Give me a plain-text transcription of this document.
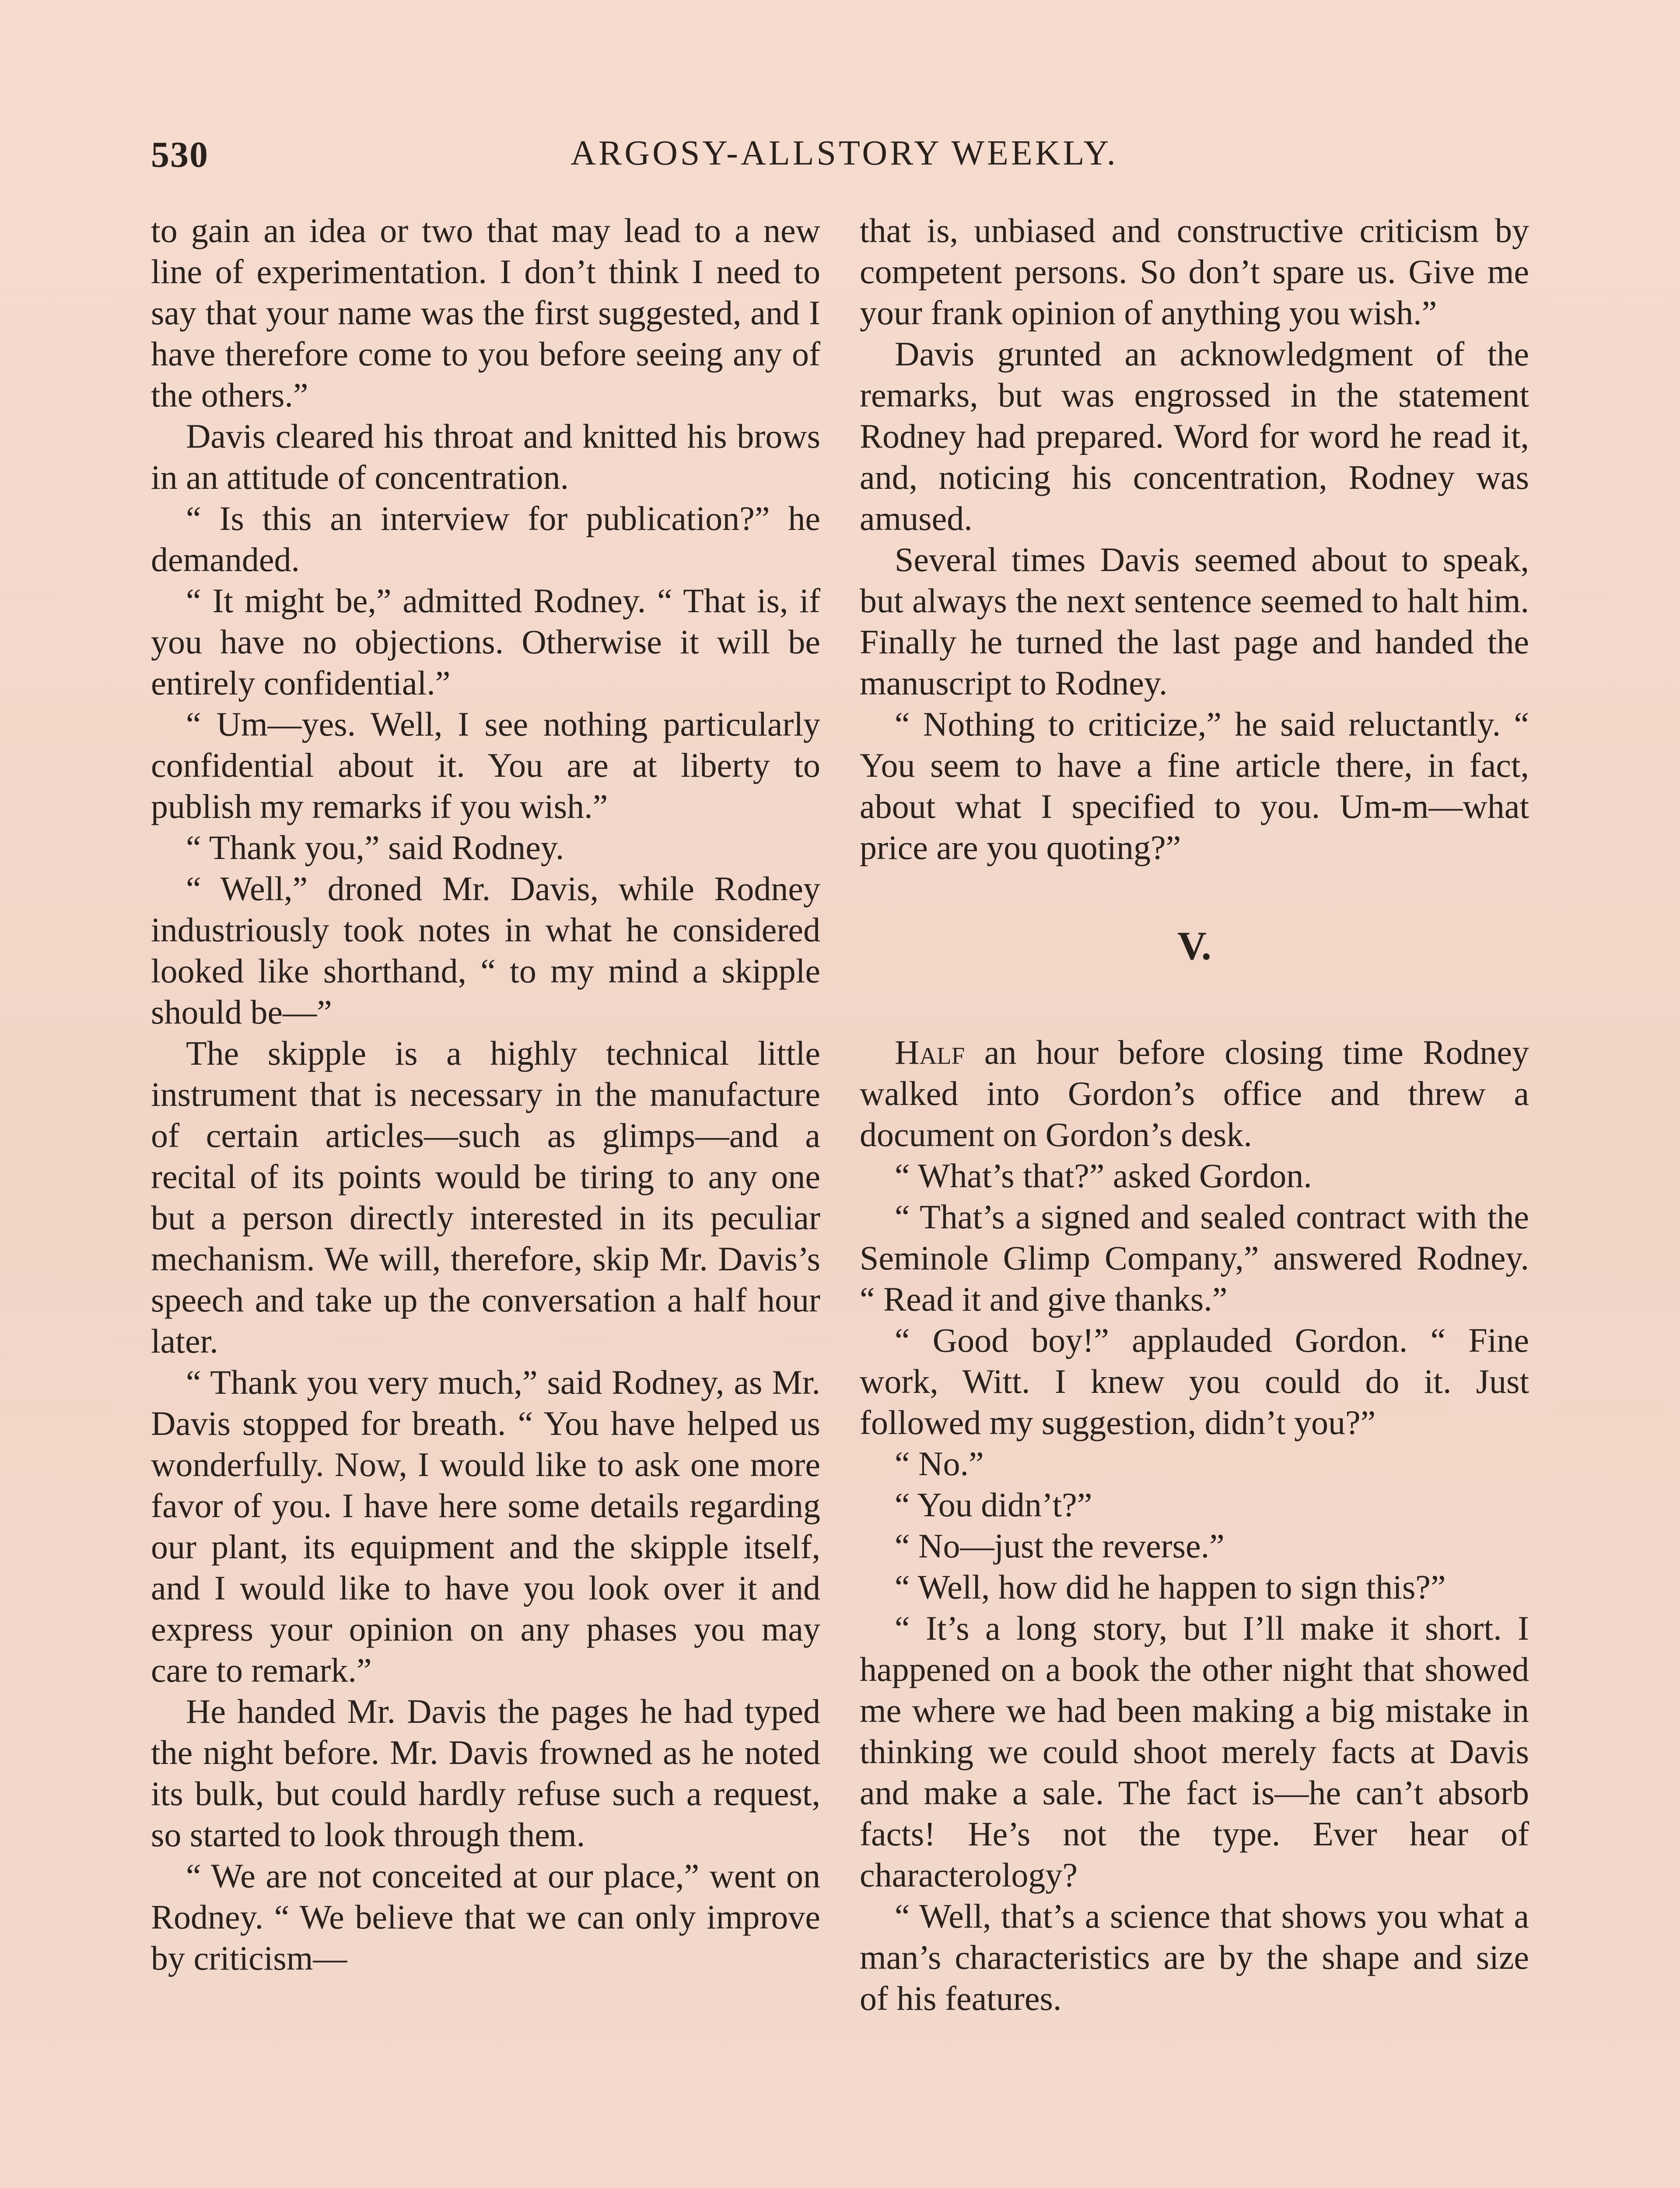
530	ARGOSY-ALLSTORY WEEKLY.

to gain an idea or two that may lead to a new line of experimentation. I don’t think I need to say that your name was the first suggested, and I have therefore come to you before seeing any of the others.”

Davis cleared his throat and knitted his brows in an attitude of concentration.

“ Is this an interview for publication?” he demanded.

“ It might be,” admitted Rodney. “ That is, if you have no objections. Otherwise it will be entirely confidential.”

“ Um—yes. Well, I see nothing particularly confidential about it. You are at liberty to publish my remarks if you wish.”

“ Thank you,” said Rodney.

“ Well,” droned Mr. Davis, while Rodney industriously took notes in what he considered looked like shorthand, “ to my mind a skipple should be—”

The skipple is a highly technical little instrument that is necessary in the manufacture of certain articles—such as glimps—and a recital of its points would be tiring to any one but a person directly interested in its peculiar mechanism. We will, therefore, skip Mr. Davis’s speech and take up the conversation a half hour later.

“ Thank you very much,” said Rodney, as Mr. Davis stopped for breath. “ You have helped us wonderfully. Now, I would like to ask one more favor of you. I have here some details regarding our plant, its equipment and the skipple itself, and I would like to have you look over it and express your opinion on any phases you may care to remark.”

He handed Mr. Davis the pages he had typed the night before. Mr. Davis frowned as he noted its bulk, but could hardly refuse such a request, so started to look through them.

“ We are not conceited at our place,” went on Rodney. “ We believe that we can only improve by criticism—

that is, unbiased and constructive criticism by competent persons. So don’t spare us. Give me your frank opinion of anything you wish.”

Davis grunted an acknowledgment of the remarks, but was engrossed in the statement Rodney had prepared. Word for word he read it, and, noticing his concentration, Rodney was amused.

Several times Davis seemed about to speak, but always the next sentence seemed to halt him. Finally he turned the last page and handed the manuscript to Rodney.

“ Nothing to criticize,” he said reluctantly. “ You seem to have a fine article there, in fact, about what I specified to you. Um-m—what price are you quoting?”

V.

Half an hour before closing time Rodney walked into Gordon’s office and threw a document on Gordon’s desk.

“ What’s that?” asked Gordon.

“ That’s a signed and sealed contract with the Seminole Glimp Company,” answered Rodney. “ Read it and give thanks.”

“ Good boy!” applauded Gordon. “ Fine work, Witt. I knew you could do it. Just followed my suggestion, didn’t you?”

“ No.”

“ You didn’t?”

“ No—just the reverse.”

“ Well, how did he happen to sign this?”

“ It’s a long story, but I’ll make it short. I happened on a book the other night that showed me where we had been making a big mistake in thinking we could shoot merely facts at Davis and make a sale. The fact is—he can’t absorb facts! He’s not the type. Ever hear of characterology?

“ Well, that’s a science that shows you what a man’s characteristics are by the shape and size of his features.
